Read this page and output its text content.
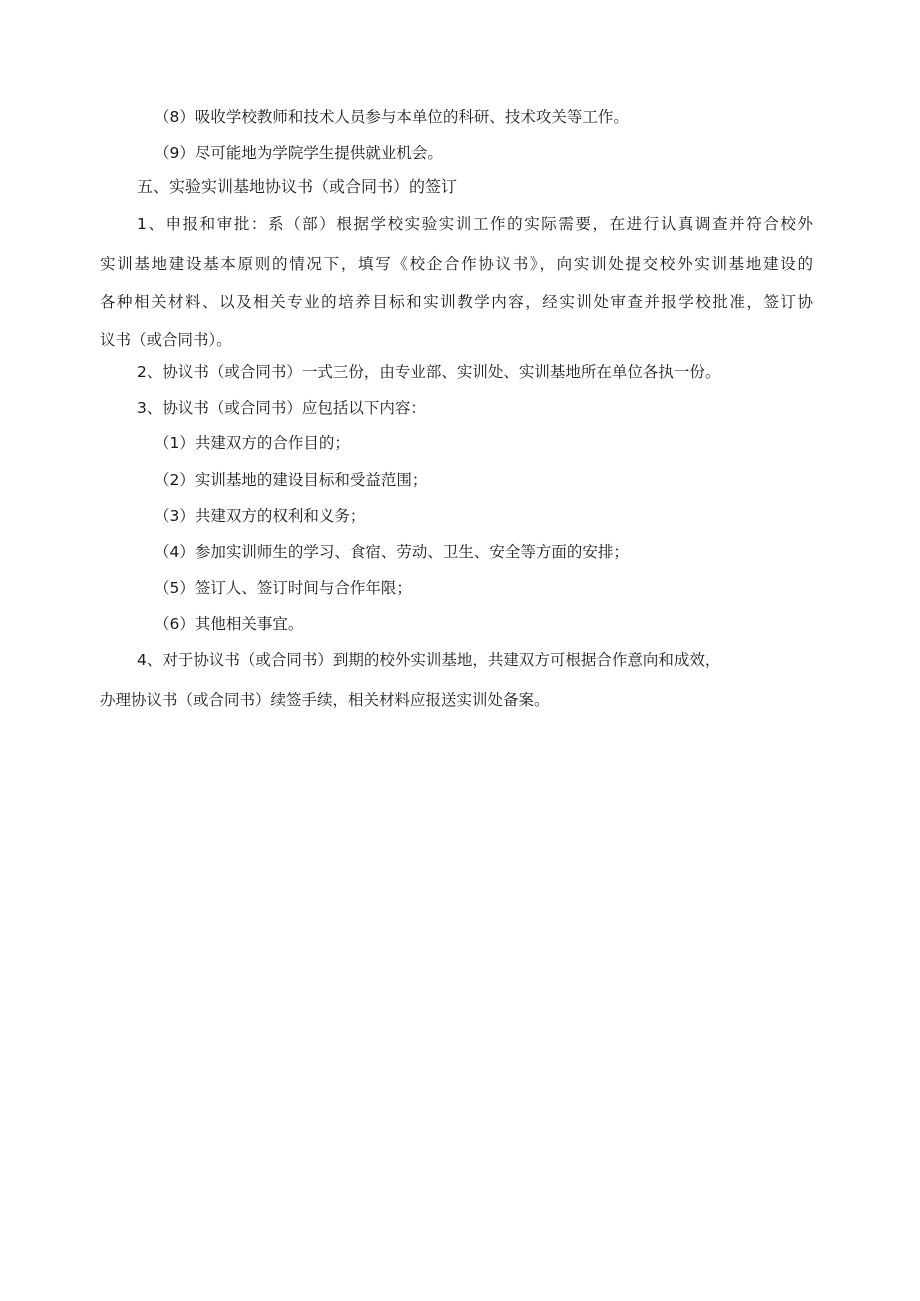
（8）吸收学校教师和技术人员参与本单位的科研、技术攻关等工作。

（9）尽可能地为学院学生提供就业机会。

五、实验实训基地协议书（或合同书）的签订

1、申报和审批：系（部）根据学校实验实训工作的实际需要，在进行认真调查并符合校外

实训基地建设基本原则的情况下，填写《校企合作协议书》，向实训处提交校外实训基地建设的

各种相关材料、以及相关专业的培养目标和实训教学内容，经实训处审查并报学校批准，签订协

议书（或合同书）。

2、协议书（或合同书）一式三份，由专业部、实训处、实训基地所在单位各执一份。

3、协议书（或合同书）应包括以下内容：

（1）共建双方的合作目的；

（2）实训基地的建设目标和受益范围；

（3）共建双方的权利和义务；

（4）参加实训师生的学习、食宿、劳动、卫生、安全等方面的安排；

（5）签订人、签订时间与合作年限；

（6）其他相关事宜。

4、对于协议书（或合同书）到期的校外实训基地，共建双方可根据合作意向和成效，

办理协议书（或合同书）续签手续，相关材料应报送实训处备案。
